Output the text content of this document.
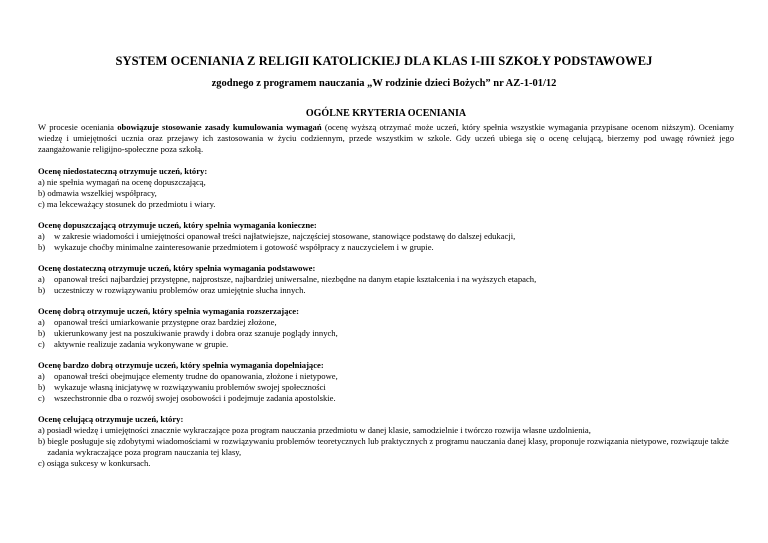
SYSTEM OCENIANIA Z RELIGII KATOLICKIEJ DLA KLAS I-III SZKOŁY PODSTAWOWEJ
zgodnego z programem nauczania „W rodzinie dzieci Bożych” nr AZ-1-01/12
OGÓLNE KRYTERIA OCENIANIA

W procesie oceniania obowiązuje stosowanie zasady kumulowania wymagań (ocenę wyższą otrzymać może uczeń, który spełnia wszystkie wymagania przypisane ocenom niższym). Oceniamy wiedzę i umiejętności ucznia oraz przejawy ich zastosowania w życiu codziennym, przede wszystkim w szkole. Gdy uczeń ubiega się o ocenę celującą, bierzemy pod uwagę również jego zaangażowanie religijno-społeczne poza szkołą.

Ocenę niedostateczną otrzymuje uczeń, który:
a) nie spełnia wymagań na ocenę dopuszczającą,
b) odmawia wszelkiej współpracy,
c) ma lekceważący stosunek do przedmiotu i wiary.
Ocenę dopuszczającą otrzymuje uczeń, który spełnia wymagania konieczne:
a)	w zakresie wiadomości i umiejętności opanował treści najłatwiejsze, najczęściej stosowane, stanowiące podstawę do dalszej edukacji,
b)	wykazuje choćby minimalne zainteresowanie przedmiotem i gotowość współpracy z nauczycielem i w grupie.
Ocenę dostateczną otrzymuje uczeń, który spełnia wymagania podstawowe:
a)	opanował treści najbardziej przystępne, najprostsze, najbardziej uniwersalne, niezbędne na danym etapie kształcenia i na wyższych etapach,
b)	uczestniczy w rozwiązywaniu problemów oraz umiejętnie słucha innych.
Ocenę dobrą otrzymuje uczeń, który spełnia wymagania rozszerzające:
a)	opanował treści umiarkowanie przystępne oraz bardziej złożone,
b)	ukierunkowany jest na poszukiwanie prawdy i dobra oraz szanuje poglądy innych,
c)	aktywnie realizuje zadania wykonywane w grupie.
Ocenę bardzo dobrą otrzymuje uczeń, który spełnia wymagania dopełniające:
a)	opanował treści obejmujące elementy trudne do opanowania, złożone i nietypowe,
b)	wykazuje własną inicjatywę w rozwiązywaniu problemów swojej społeczności
c)	wszechstronnie dba o rozwój swojej osobowości i podejmuje zadania apostolskie.
Ocenę celującą otrzymuje uczeń, który:
a) posiadł wiedzę i umiejętności znacznie wykraczające poza program nauczania przedmiotu w danej klasie, samodzielnie i twórczo rozwija własne uzdolnienia,
b) biegle posługuje się zdobytymi wiadomościami w rozwiązywaniu problemów teoretycznych lub praktycznych z programu nauczania danej klasy, proponuje rozwiązania nietypowe, rozwiązuje także zadania wykraczające poza program nauczania tej klasy,
c) osiąga sukcesy w konkursach.
